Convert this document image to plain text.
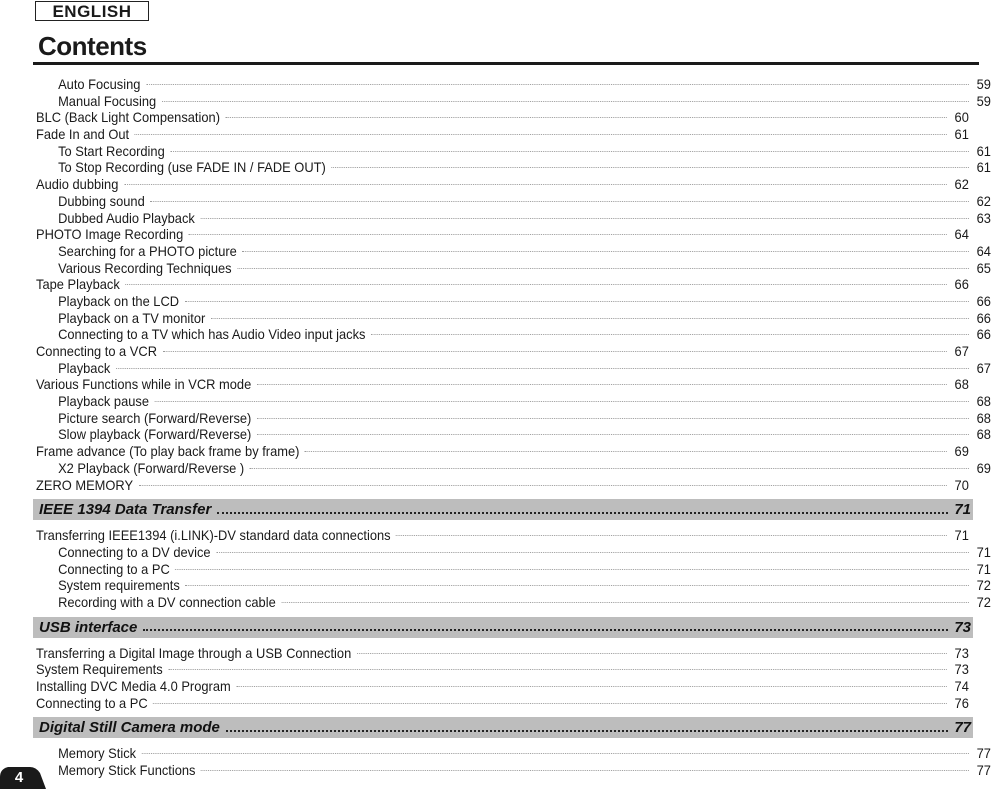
ENGLISH
Contents
Auto Focusing	59
Manual Focusing	59
BLC (Back Light Compensation)	60
Fade In and Out	61
To Start Recording	61
To Stop Recording (use FADE IN / FADE OUT)	61
Audio dubbing	62
Dubbing sound	62
Dubbed Audio Playback	63
PHOTO Image Recording	64
Searching for a PHOTO picture	64
Various Recording Techniques	65
Tape Playback	66
Playback on the LCD	66
Playback on a TV monitor	66
Connecting to a TV which has Audio Video input jacks	66
Connecting to a VCR	67
Playback	67
Various Functions while in VCR mode	68
Playback pause	68
Picture search (Forward/Reverse)	68
Slow playback (Forward/Reverse)	68
Frame advance (To play back frame by frame)	69
X2 Playback (Forward/Reverse )	69
ZERO MEMORY	70
IEEE 1394 Data Transfer	71
Transferring IEEE1394 (i.LINK)-DV standard data connections	71
Connecting to a DV device	71
Connecting to a PC	71
System requirements	72
Recording with a DV connection cable	72
USB interface	73
Transferring a Digital Image through a USB Connection	73
System Requirements	73
Installing DVC Media 4.0 Program	74
Connecting to a PC	76
Digital Still Camera mode	77
Memory Stick	77
Memory Stick Functions	77
4
